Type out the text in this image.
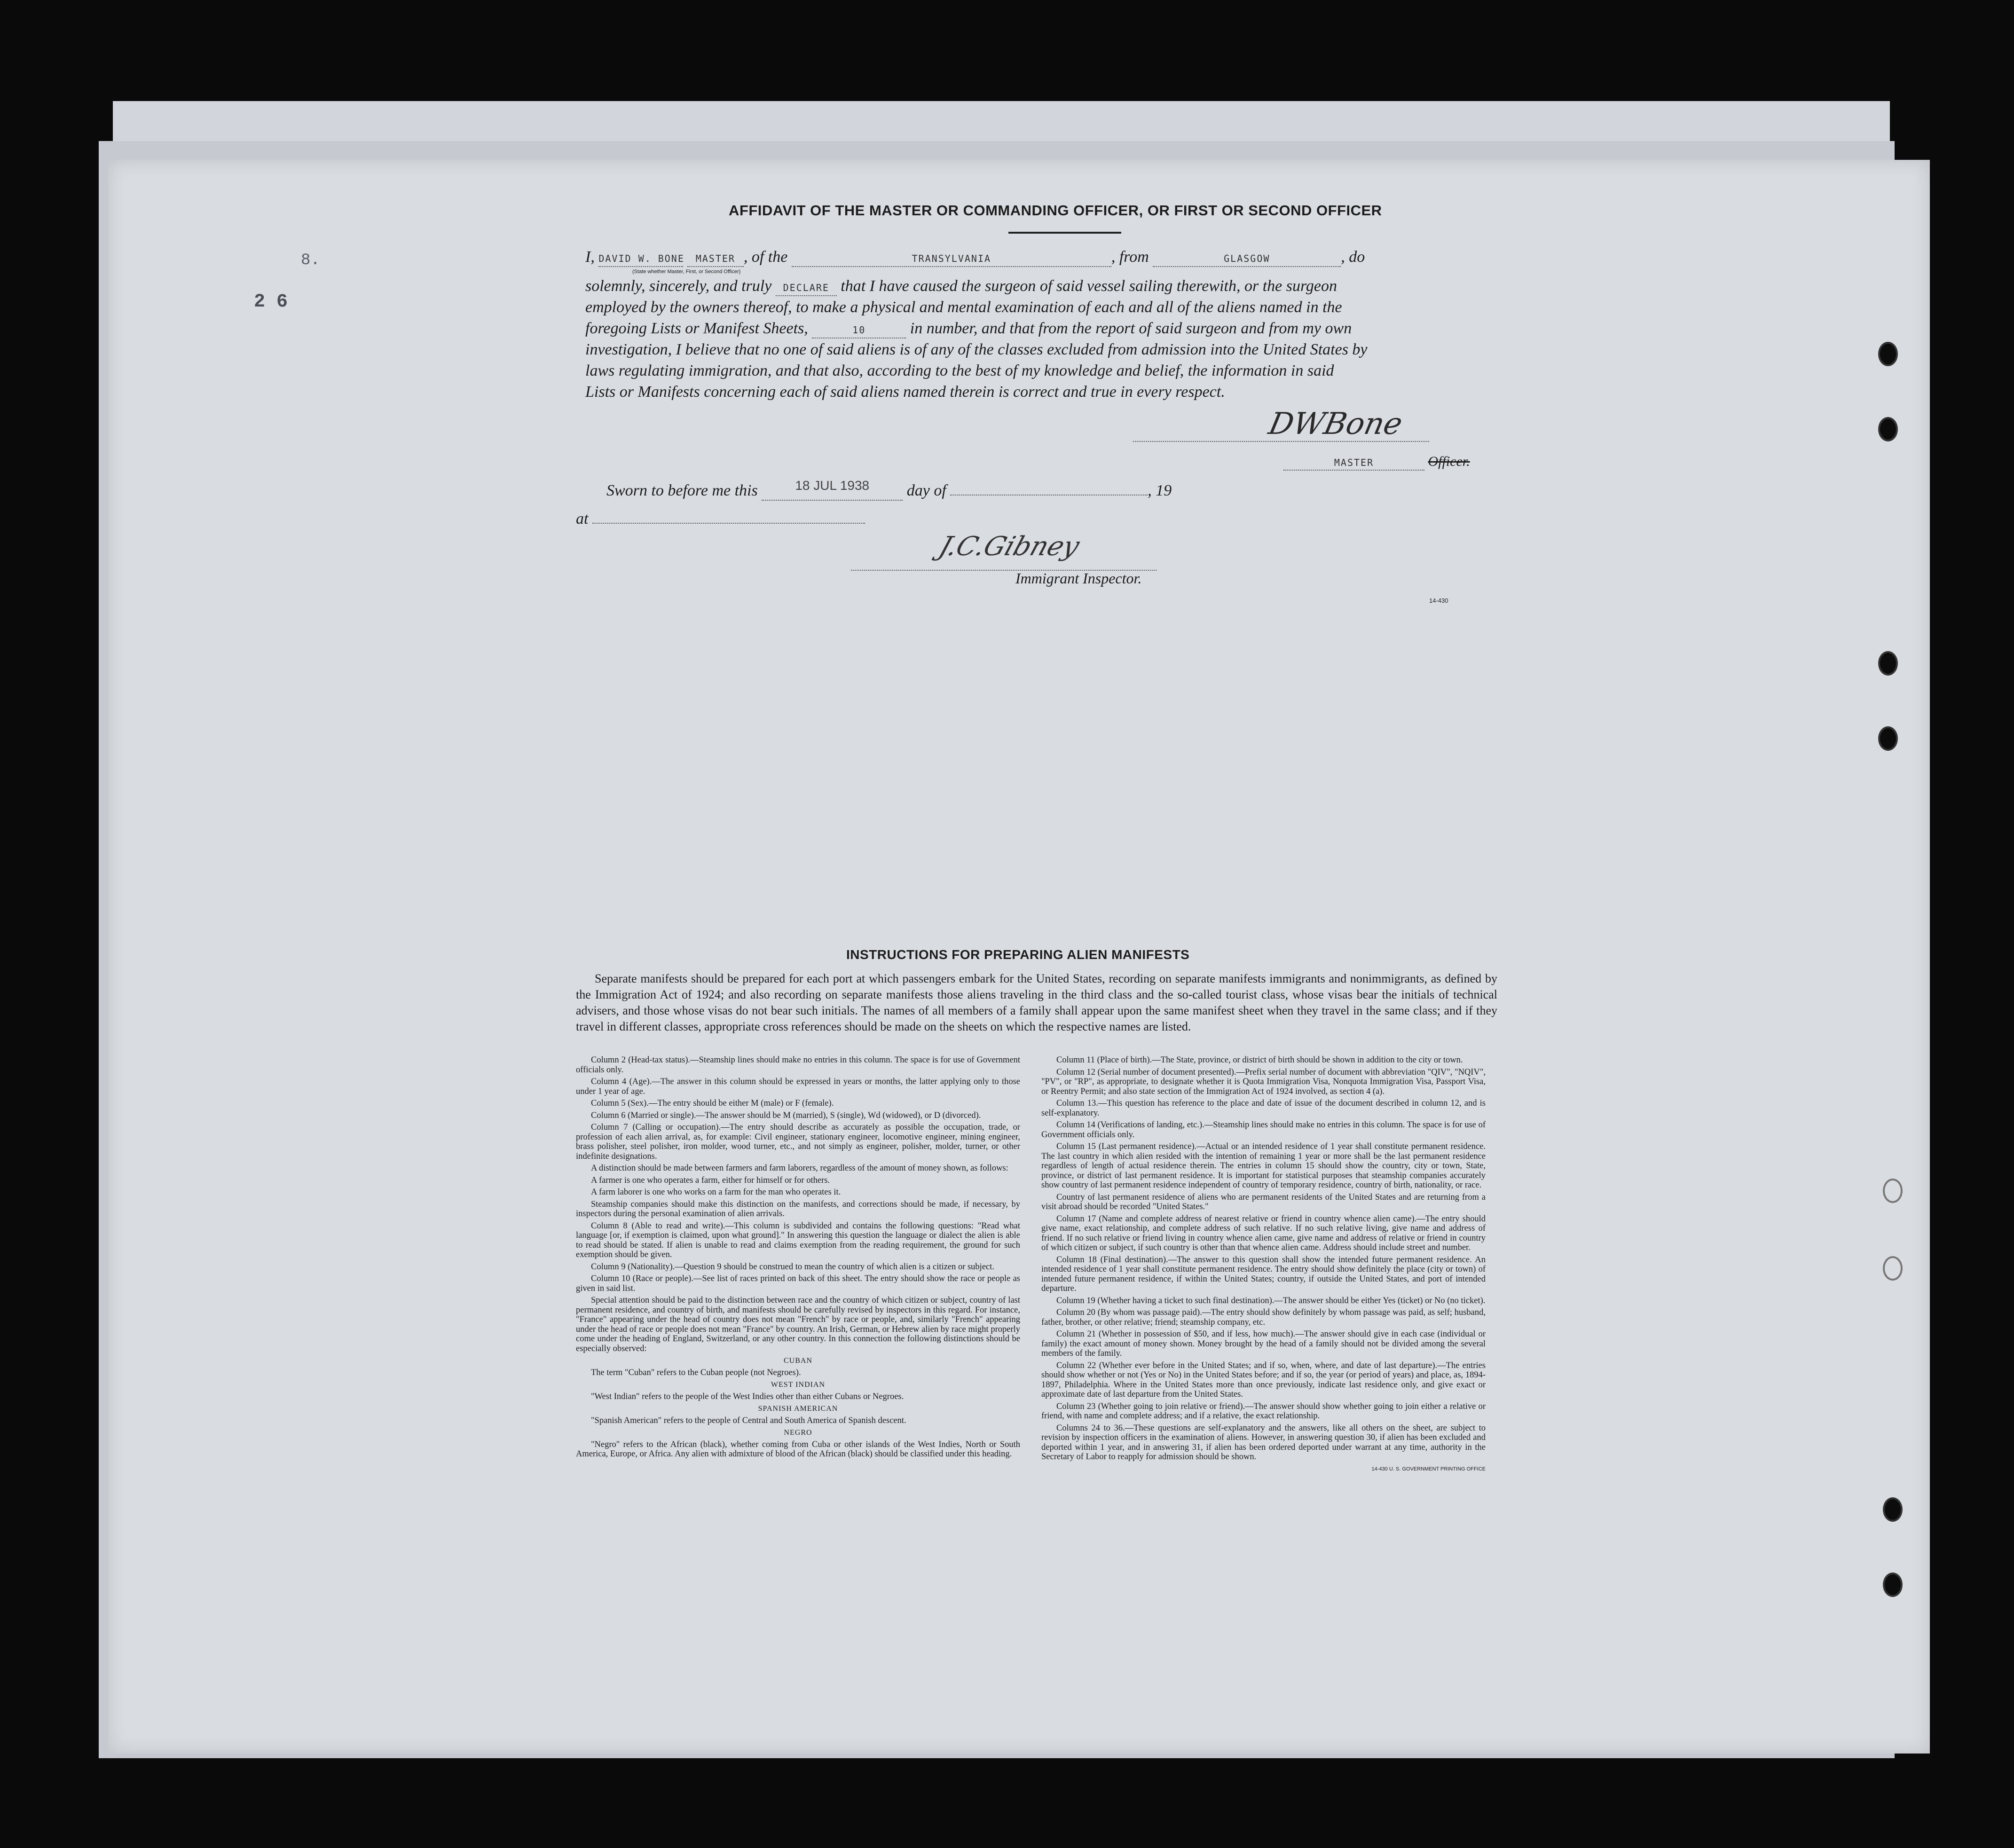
8.
2 6
AFFIDAVIT OF THE MASTER OR COMMANDING OFFICER, OR FIRST OR SECOND OFFICER
I, DAVID W. BONE MASTER , of the	TRANSYLVANIA	, from	GLASGOW	, do
(State whether Master, First, or Second Officer)
solemnly, sincerely, and truly DECLARE that I have caused the surgeon of said vessel sailing therewith, or the surgeon
employed by the owners thereof, to make a physical and mental examination of each and all of the aliens named in the
foregoing Lists or Manifest Sheets,	10	in number, and that from the report of said surgeon and from my own
investigation, I believe that no one of said aliens is of any of the classes excluded from admission into the United States by
laws regulating immigration, and that also, according to the best of my knowledge and belief, the information in said
Lists or Manifests concerning each of said aliens named therein is correct and true in every respect.
DWBone
MASTER	Officer.
Sworn to before me this	$^{18 JUL 1938}$ day of	, 19
at
J.C.Gibney
Immigrant Inspector.
14-430
INSTRUCTIONS FOR PREPARING ALIEN MANIFESTS
Separate manifests should be prepared for each port at which passengers embark for the United States, recording on separate manifests immigrants and nonimmigrants, as defined by the Immigration Act of 1924; and also recording on separate manifests those aliens traveling in the third class and the so-called tourist class, whose visas bear the initials of technical advisers, and those whose visas do not bear such initials. The names of all members of a family shall appear upon the same manifest sheet when they travel in the same class; and if they travel in different classes, appropriate cross references should be made on the sheets on which the respective names are listed.

Column 2 (Head-tax status).—Steamship lines should make no entries in this column. The space is for use of Government officials only.

Column 4 (Age).—The answer in this column should be expressed in years or months, the latter applying only to those under 1 year of age.

Column 5 (Sex).—The entry should be either M (male) or F (female).

Column 6 (Married or single).—The answer should be M (married), S (single), Wd (widowed), or D (divorced).

Column 7 (Calling or occupation).—The entry should describe as accurately as possible the occupation, trade, or profession of each alien arrival, as, for example: Civil engineer, stationary engineer, locomotive engineer, mining engineer, brass polisher, steel polisher, iron molder, wood turner, etc., and not simply as engineer, polisher, molder, turner, or other indefinite designations.

A distinction should be made between farmers and farm laborers, regardless of the amount of money shown, as follows:

A farmer is one who operates a farm, either for himself or for others.

A farm laborer is one who works on a farm for the man who operates it.

Steamship companies should make this distinction on the manifests, and corrections should be made, if necessary, by inspectors during the personal examination of alien arrivals.

Column 8 (Able to read and write).—This column is subdivided and contains the following questions: "Read what language [or, if exemption is claimed, upon what ground]." In answering this question the language or dialect the alien is able to read should be stated. If alien is unable to read and claims exemption from the reading requirement, the ground for such exemption should be given.

Column 9 (Nationality).—Question 9 should be construed to mean the country of which alien is a citizen or subject.

Column 10 (Race or people).—See list of races printed on back of this sheet. The entry should show the race or people as given in said list.

Special attention should be paid to the distinction between race and the country of which citizen or subject, country of last permanent residence, and country of birth, and manifests should be carefully revised by inspectors in this regard. For instance, "France" appearing under the head of country does not mean "French" by race or people, and, similarly "French" appearing under the head of race or people does not mean "France" by country. An Irish, German, or Hebrew alien by race might properly come under the heading of England, Switzerland, or any other country. In this connection the following distinctions should be especially observed:

CUBAN

The term "Cuban" refers to the Cuban people (not Negroes).

WEST INDIAN

"West Indian" refers to the people of the West Indies other than either Cubans or Negroes.

SPANISH AMERICAN

"Spanish American" refers to the people of Central and South America of Spanish descent.

NEGRO

"Negro" refers to the African (black), whether coming from Cuba or other islands of the West Indies, North or South America, Europe, or Africa. Any alien with admixture of blood of the African (black) should be classified under this heading.

Column 11 (Place of birth).—The State, province, or district of birth should be shown in addition to the city or town.

Column 12 (Serial number of document presented).—Prefix serial number of document with abbreviation "QIV", "NQIV", "PV", or "RP", as appropriate, to designate whether it is Quota Immigration Visa, Nonquota Immigration Visa, Passport Visa, or Reentry Permit; and also state section of the Immigration Act of 1924 involved, as section 4 (a).

Column 13.—This question has reference to the place and date of issue of the document described in column 12, and is self-explanatory.

Column 14 (Verifications of landing, etc.).—Steamship lines should make no entries in this column. The space is for use of Government officials only.

Column 15 (Last permanent residence).—Actual or an intended residence of 1 year shall constitute permanent residence. The last country in which alien resided with the intention of remaining 1 year or more shall be the last permanent residence regardless of length of actual residence therein. The entries in column 15 should show the country, city or town, State, province, or district of last permanent residence. It is important for statistical purposes that steamship companies accurately show country of last permanent residence independent of country of temporary residence, country of birth, nationality, or race.

Country of last permanent residence of aliens who are permanent residents of the United States and are returning from a visit abroad should be recorded "United States."

Column 17 (Name and complete address of nearest relative or friend in country whence alien came).—The entry should give name, exact relationship, and complete address of such relative. If no such relative living, give name and address of friend. If no such relative or friend living in country whence alien came, give name and address of relative or friend in country of which citizen or subject, if such country is other than that whence alien came. Address should include street and number.

Column 18 (Final destination).—The answer to this question shall show the intended future permanent residence. An intended residence of 1 year shall constitute permanent residence. The entry should show definitely the place (city or town) of intended future permanent residence, if within the United States; country, if outside the United States, and port of intended departure.

Column 19 (Whether having a ticket to such final destination).—The answer should be either Yes (ticket) or No (no ticket).

Column 20 (By whom was passage paid).—The entry should show definitely by whom passage was paid, as self; husband, father, brother, or other relative; friend; steamship company, etc.

Column 21 (Whether in possession of $50, and if less, how much).—The answer should give in each case (individual or family) the exact amount of money shown. Money brought by the head of a family should not be divided among the several members of the family.

Column 22 (Whether ever before in the United States; and if so, when, where, and date of last departure).—The entries should show whether or not (Yes or No) in the United States before; and if so, the year (or period of years) and place, as, 1894-1897, Philadelphia. Where in the United States more than once previously, indicate last residence only, and give exact or approximate date of last departure from the United States.

Column 23 (Whether going to join relative or friend).—The answer should show whether going to join either a relative or friend, with name and complete address; and if a relative, the exact relationship.

Columns 24 to 36.—These questions are self-explanatory and the answers, like all others on the sheet, are subject to revision by inspection officers in the examination of aliens. However, in answering question 30, if alien has been excluded and deported within 1 year, and in answering 31, if alien has been ordered deported under warrant at any time, authority in the Secretary of Labor to reapply for admission should be shown.

14-430 U. S. GOVERNMENT PRINTING OFFICE
